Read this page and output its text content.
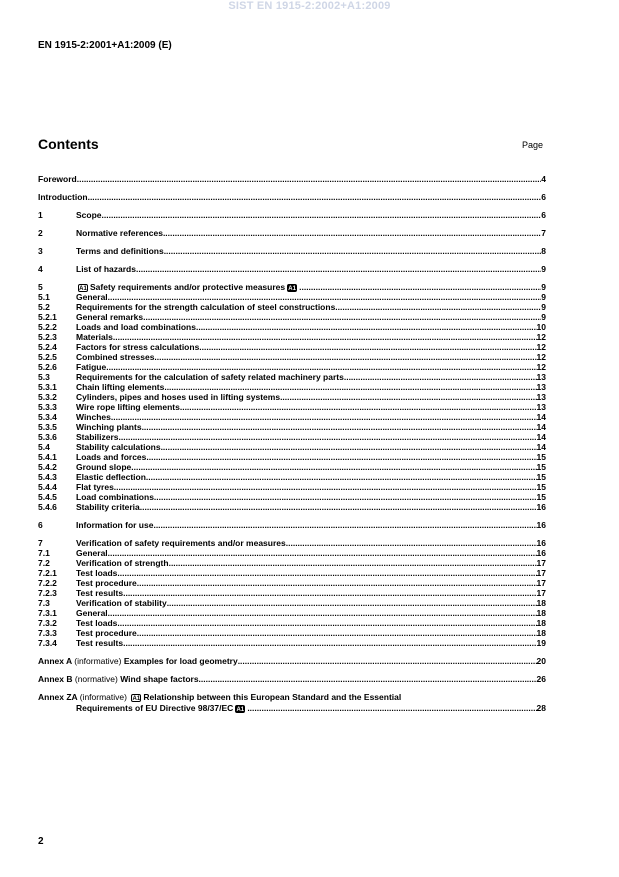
SIST EN 1915-2:2002+A1:2009
EN 1915-2:2001+A1:2009 (E)
Contents	Page
Foreword .....	4
Introduction .....	6
1	Scope .....	6
2	Normative references .....	7
3	Terms and definitions .....	8
4	List of hazards .....	9
5	A1 Safety requirements and/or protective measures A1 .....	9
5.1	General .....	9
5.2	Requirements for the strength calculation of steel constructions .....	9
5.2.1 General remarks .....	9
5.2.2 Loads and load combinations .....	10
5.2.3 Materials .....	12
5.2.4 Factors for stress calculations .....	12
5.2.5 Combined stresses .....	12
5.2.6 Fatigue .....	12
5.3	Requirements for the calculation of safety related machinery parts .....	13
5.3.1 Chain lifting elements .....	13
5.3.2 Cylinders, pipes and hoses used in lifting systems .....	13
5.3.3 Wire rope lifting elements .....	13
5.3.4 Winches .....	14
5.3.5 Winching plants .....	14
5.3.6 Stabilizers .....	14
5.4	Stability calculations .....	14
5.4.1 Loads and forces .....	15
5.4.2 Ground slope .....	15
5.4.3 Elastic deflection .....	15
5.4.4 Flat tyres .....	15
5.4.5 Load combinations .....	15
5.4.6 Stability criteria .....	16
6	Information for use .....	16
7	Verification of safety requirements and/or measures .....	16
7.1	General .....	16
7.2	Verification of strength .....	17
7.2.1 Test loads .....	17
7.2.2 Test procedure .....	17
7.2.3 Test results .....	17
7.3	Verification of stability .....	18
7.3.1 General .....	18
7.3.2 Test loads .....	18
7.3.3 Test procedure .....	18
7.3.4 Test results .....	19
Annex A (informative) Examples for load geometry .....	20
Annex B (normative) Wind shape factors .....	26
Annex ZA (informative) A1 Relationship between this European Standard and the Essential
Requirements of EU Directive 98/37/EC A1 .....	28
2
